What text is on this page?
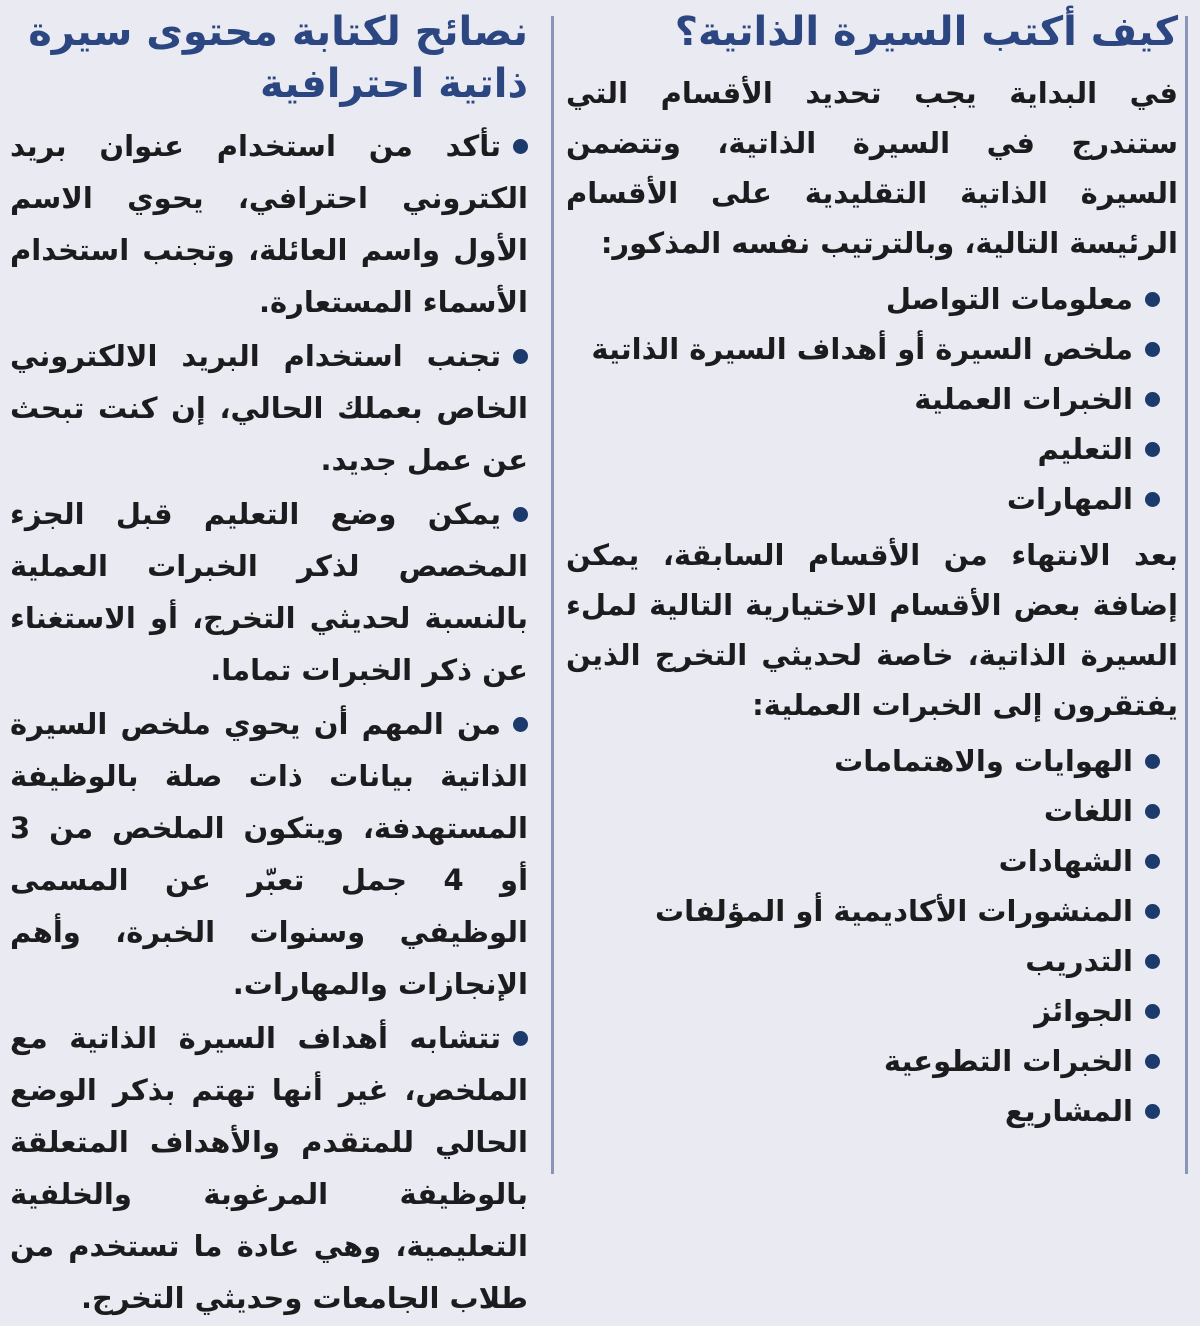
كيف أكتب السيرة الذاتية؟

في البداية يجب تحديد الأقسام التي ستندرج في السيرة الذاتية، وتتضمن السيرة الذاتية التقليدية على الأقسام الرئيسة التالية، وبالترتيب نفسه المذكور:

معلومات التواصل
ملخص السيرة أو أهداف السيرة الذاتية
الخبرات العملية
التعليم
المهارات

بعد الانتهاء من الأقسام السابقة، يمكن إضافة بعض الأقسام الاختيارية التالية لملء السيرة الذاتية، خاصة لحديثي التخرج الذين يفتقرون إلى الخبرات العملية:

الهوايات والاهتمامات
اللغات
الشهادات
المنشورات الأكاديمية أو المؤلفات
التدريب
الجوائز
الخبرات التطوعية
المشاريع
نصائح لكتابة محتوى سيرة ذاتية احترافية
تأكد من استخدام عنوان بريد الكتروني احترافي، يحوي الاسم الأول واسم العائلة، وتجنب استخدام الأسماء المستعارة.
تجنب استخدام البريد الالكتروني الخاص بعملك الحالي، إن كنت تبحث عن عمل جديد.
يمكن وضع التعليم قبل الجزء المخصص لذكر الخبرات العملية بالنسبة لحديثي التخرج، أو الاستغناء عن ذكر الخبرات تماما.
من المهم أن يحوي ملخص السيرة الذاتية بيانات ذات صلة بالوظيفة المستهدفة، ويتكون الملخص من 3 أو 4 جمل تعبّر عن المسمى الوظيفي وسنوات الخبرة، وأهم الإنجازات والمهارات.
تتشابه أهداف السيرة الذاتية مع الملخص، غير أنها تهتم بذكر الوضع الحالي للمتقدم والأهداف المتعلقة بالوظيفة المرغوبة والخلفية التعليمية، وهي عادة ما تستخدم من طلاب الجامعات وحديثي التخرج.
